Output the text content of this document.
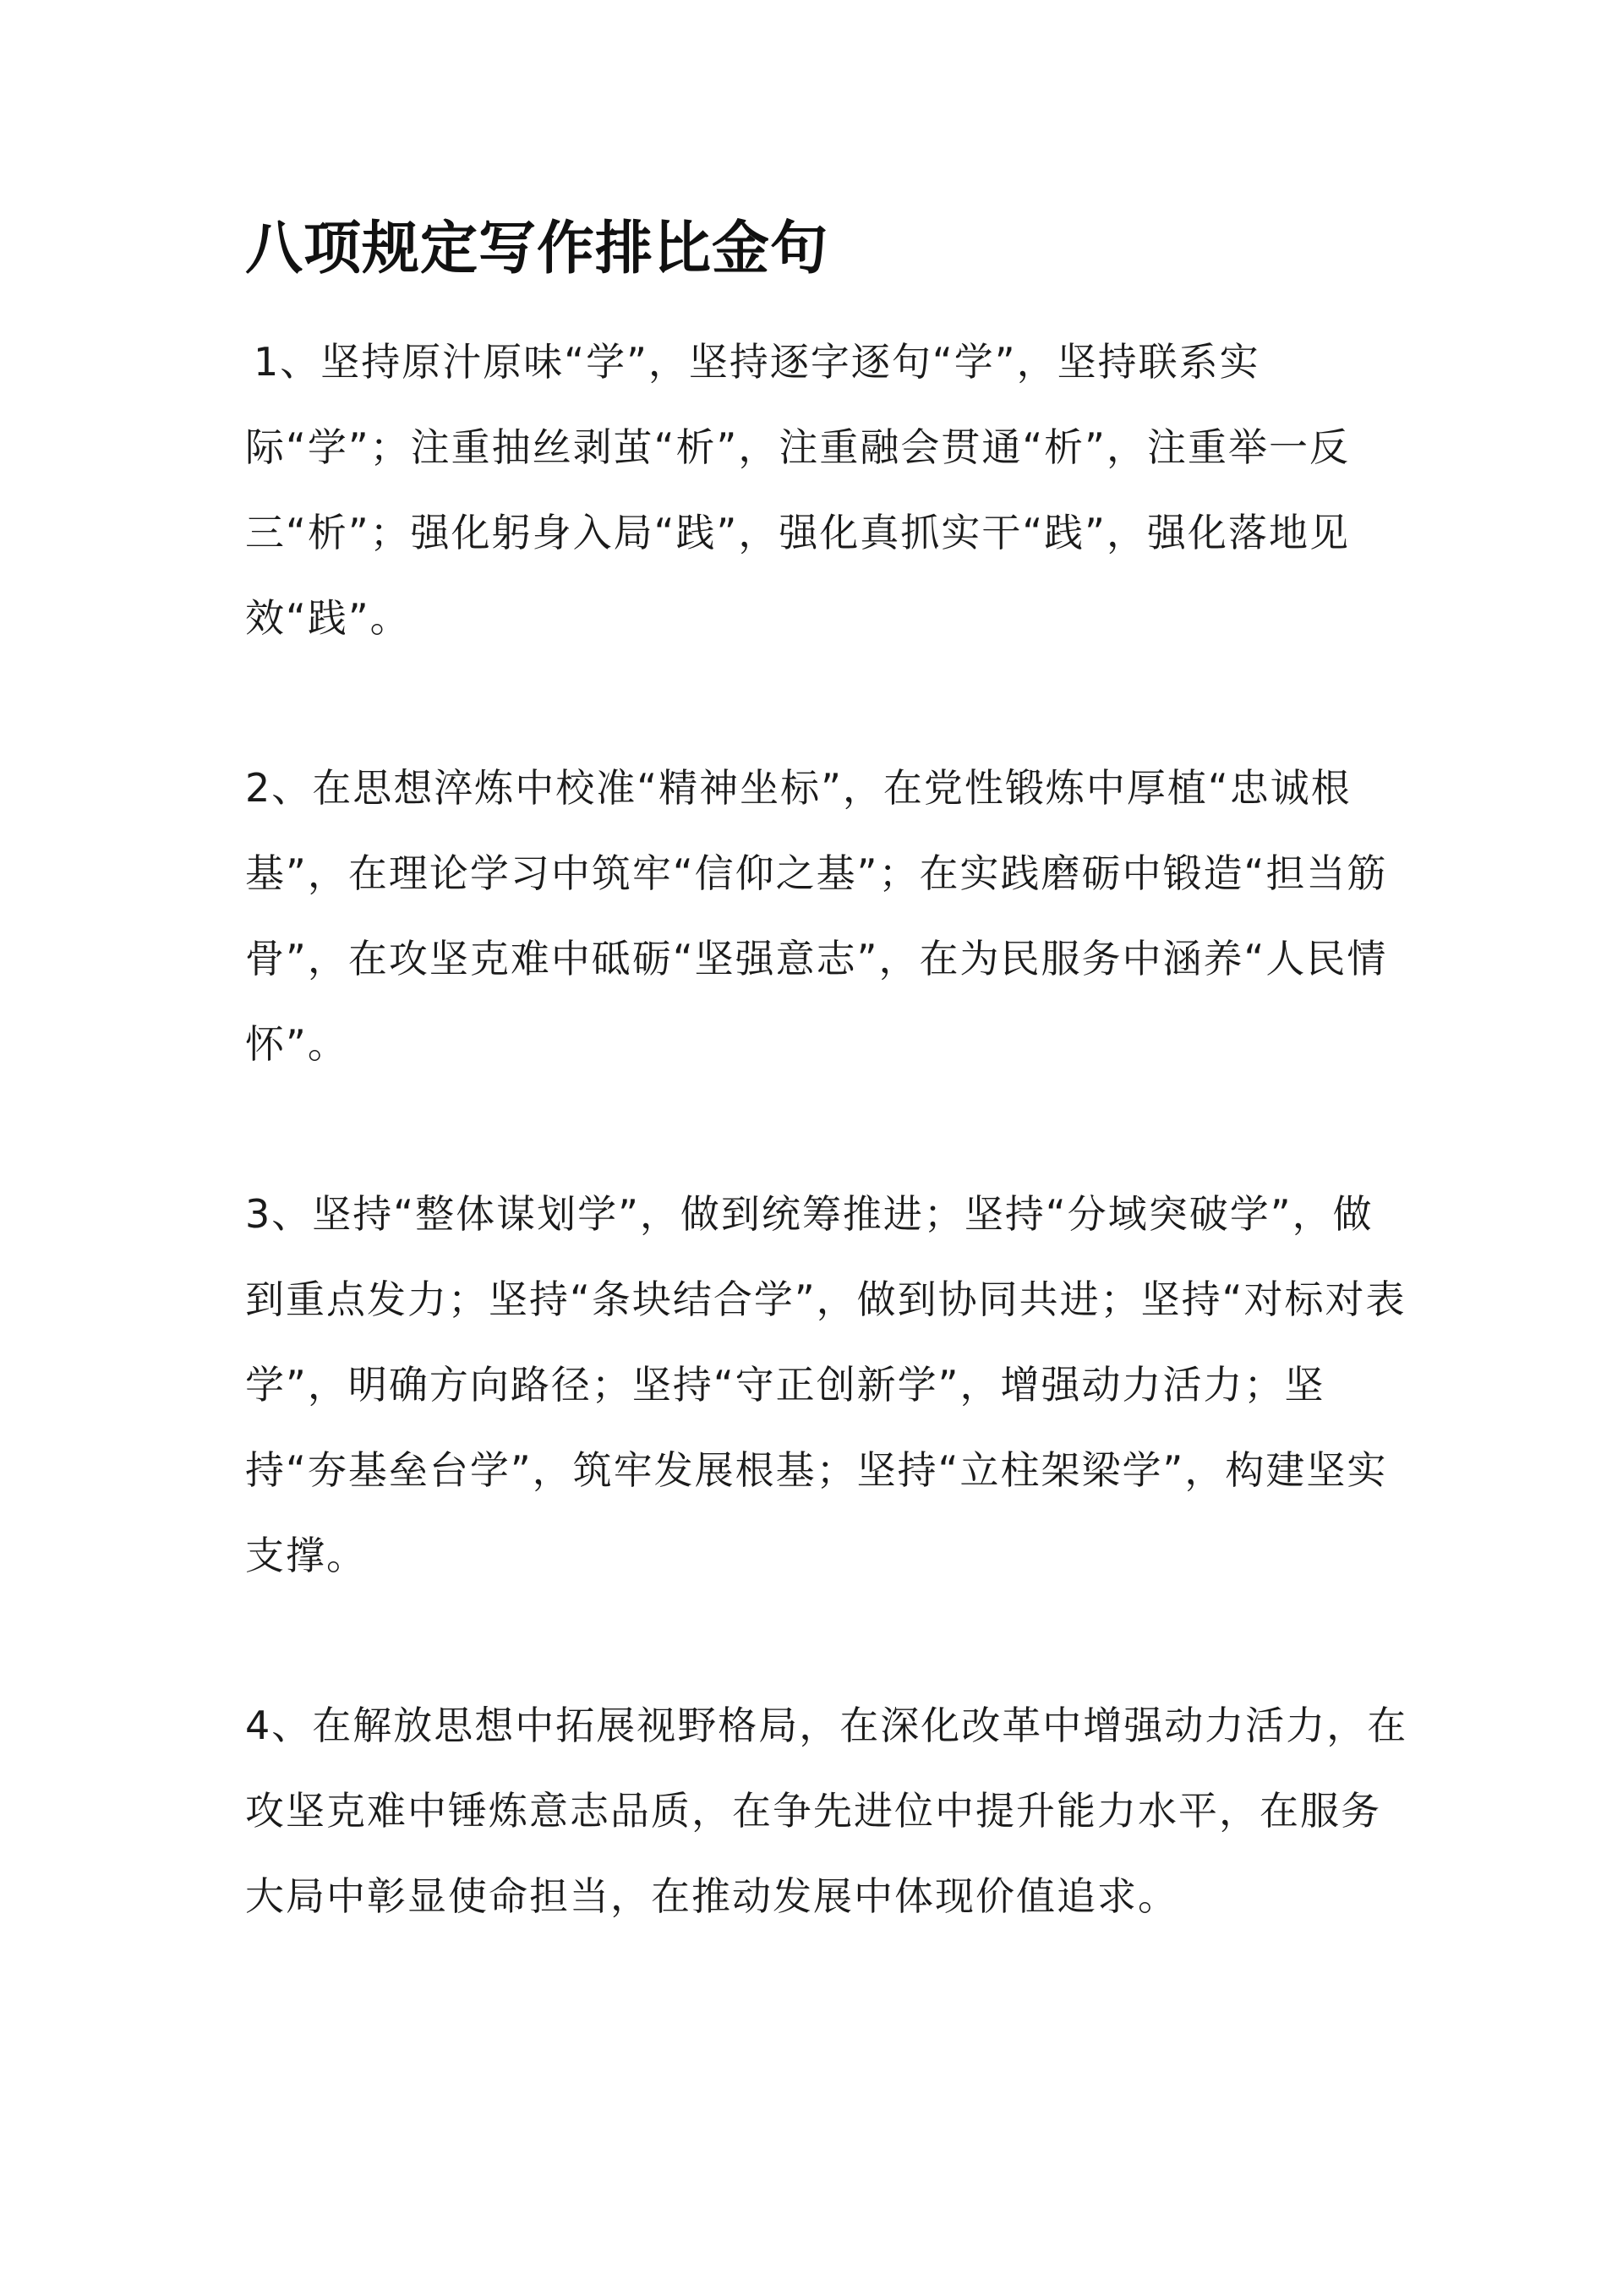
八项规定写作排比金句

1、坚持原汁原味“学”，坚持逐字逐句“学”，坚持联系实际“学”；注重抽丝剥茧“析”，注重融会贯通“析”，注重举一反三“析”；强化躬身入局“践”，强化真抓实干“践”，强化落地见效“践”。

2、在思想淬炼中校准“精神坐标”，在党性锻炼中厚植“忠诚根基”，在理论学习中筑牢“信仰之基”；在实践磨砺中锻造“担当筋骨”，在攻坚克难中砥砺“坚强意志”，在为民服务中涵养“人民情怀”。

3、坚持“整体谋划学”，做到统筹推进；坚持“分域突破学”，做到重点发力；坚持“条块结合学”，做到协同共进；坚持“对标对表学”，明确方向路径；坚持“守正创新学”，增强动力活力；坚持“夯基垒台学”，筑牢发展根基；坚持“立柱架梁学”，构建坚实支撑。

4、在解放思想中拓展视野格局，在深化改革中增强动力活力，在攻坚克难中锤炼意志品质，在争先进位中提升能力水平，在服务大局中彰显使命担当，在推动发展中体现价值追求。
